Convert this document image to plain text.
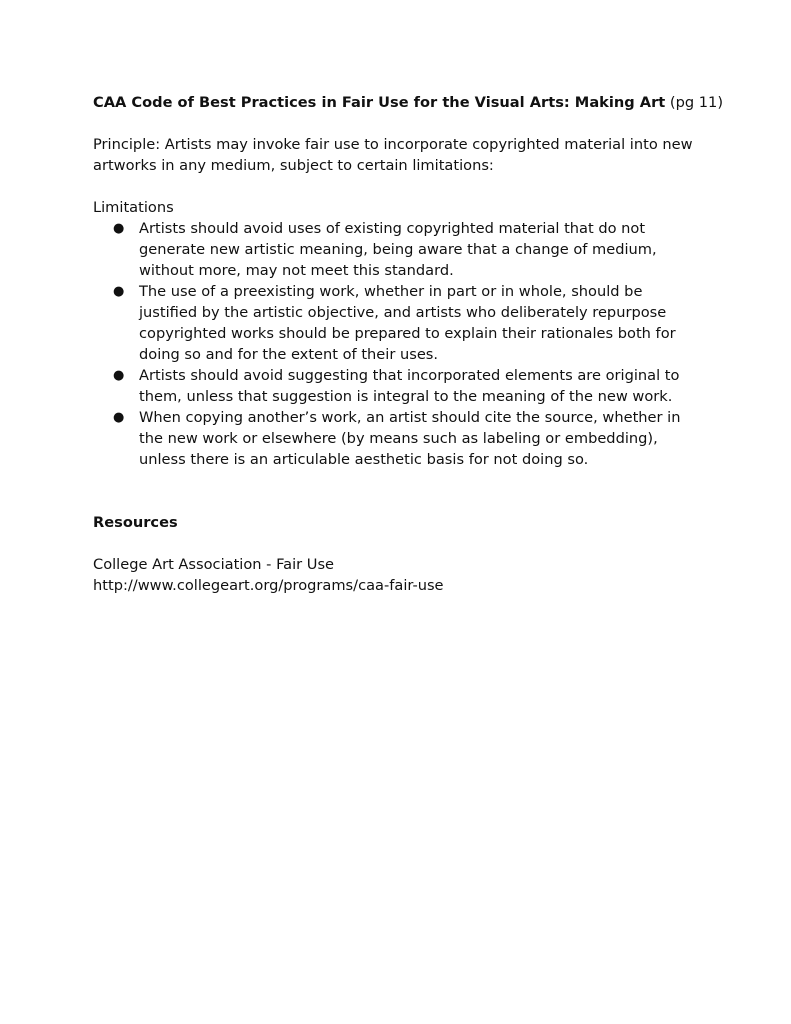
CAA Code of Best Practices in Fair Use for the Visual Arts: Making Art (pg 11)

Principle: Artists may invoke fair use to incorporate copyrighted material into new artworks in any medium, subject to certain limitations:

Limitations

● Artists should avoid uses of existing copyrighted material that do not generate new artistic meaning, being aware that a change of medium, without more, may not meet this standard.
● The use of a preexisting work, whether in part or in whole, should be justified by the artistic objective, and artists who deliberately repurpose copyrighted works should be prepared to explain their rationales both for doing so and for the extent of their uses.
● Artists should avoid suggesting that incorporated elements are original to them, unless that suggestion is integral to the meaning of the new work.
● When copying another’s work, an artist should cite the source, whether in the new work or elsewhere (by means such as labeling or embedding), unless there is an articulable aesthetic basis for not doing so.

Resources

College Art Association - Fair Use

http://www.collegeart.org/programs/caa-fair-use
